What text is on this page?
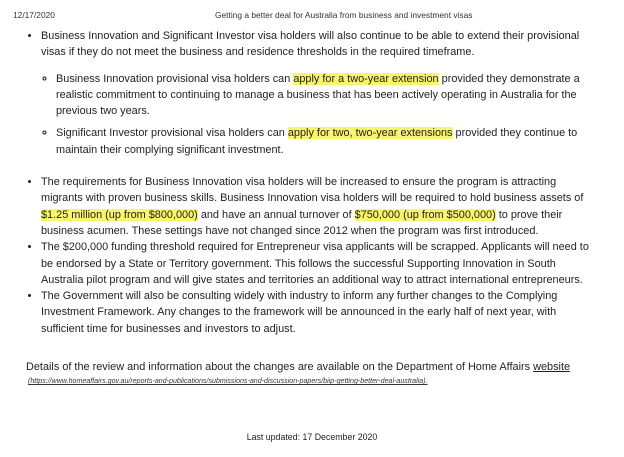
12/17/2020	Getting a better deal for Australia from business and investment visas
• Business Innovation and Significant Investor visa holders will also continue to be able to extend their provisional visas if they do not meet the business and residence thresholds in the required timeframe.
◦ Business Innovation provisional visa holders can apply for a two-year extension provided they demonstrate a realistic commitment to continuing to manage a business that has been actively operating in Australia for the previous two years.
◦ Significant Investor provisional visa holders can apply for two, two-year extensions provided they continue to maintain their complying significant investment.
• The requirements for Business Innovation visa holders will be increased to ensure the program is attracting migrants with proven business skills. Business Innovation visa holders will be required to hold business assets of $1.25 million (up from $800,000) and have an annual turnover of $750,000 (up from $500,000) to prove their business acumen. These settings have not changed since 2012 when the program was first introduced.
• The $200,000 funding threshold required for Entrepreneur visa applicants will be scrapped. Applicants will need to be endorsed by a State or Territory government. This follows the successful Supporting Innovation in South Australia pilot program and will give states and territories an additional way to attract international entrepreneurs.
• The Government will also be consulting widely with industry to inform any further changes to the Complying Investment Framework. Any changes to the framework will be announced in the early half of next year, with sufficient time for businesses and investors to adjust.
Details of the review and information about the changes are available on the Department of Home Affairs website
(https://www.homeaffairs.gov.au/reports-and-publications/submissions-and-discussion-papers/biip-getting-better-deal-australia).
Last updated: 17 December 2020
